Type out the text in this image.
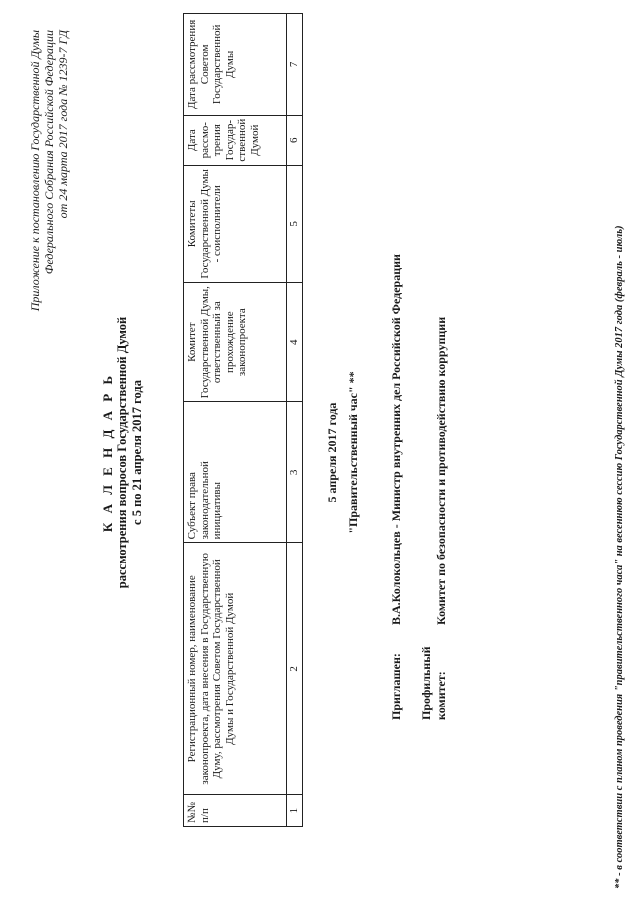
Приложение к постановлению Государственной Думы Федерального Собрания Российской Федерации от 24 марта 2017 года № 1239-7 ГД
К А Л Е Н Д А Р Ь рассмотрения вопросов Государственной Думой с 5 по 21 апреля 2017 года
№№ п/п	Регистрационный номер, наименование законопроекта, дата внесения в Государственную Думу, рассмотрения Советом Государственной Думы и Государственной Думой	Субъект права законодательной инициативы	Комитет Государственной Думы, ответственный за прохождение законопроекта	Комитеты Государственной Думы - соисполнители	Дата рассмо-трения Государ-ственной Думой	Дата рассмотрения Советом Государственной Думы
1	2	3	4	5	6	7
5 апреля 2017 года "Правительственный час" **
Приглашен: В.А.Колокольцев - Министр внутренних дел Российской Федерации
Профильный комитет: Комитет по безопасности и противодействию коррупции	** - в соответствии с планом проведения "правительственного часа" на весеннюю сессию Государственной Думы 2017 года (февраль - июль)
